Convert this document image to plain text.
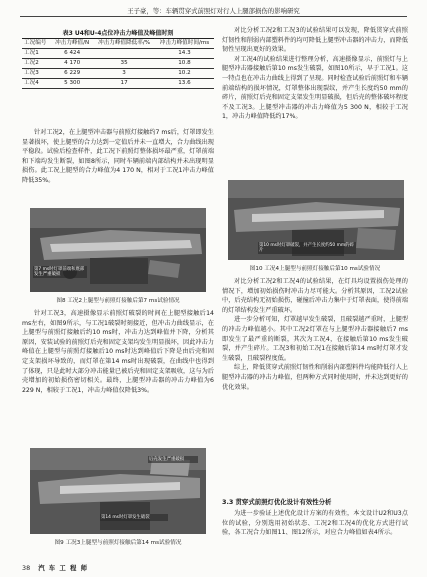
王子豪，等：车辆贯穿式前照灯对行人上腿部损伤的影响研究
表3 U4和U-4点位冲击力峰值及峰值时刻
工况编号	冲击力峰值/N	冲击力峰值降低率/%	冲击力峰值时间/ms
工况1	6 424		14.3
工况2	4 170	35	10.8
工况3	6 229	3	10.2
工况4	5 300	17	13.6

针对工况2，在上腿型冲击器与前照灯接触约7 ms后，灯罩即发生显著损坏，使上腿型的合力达到一定值后并未一直增大，合力曲线出现平稳段。试验后检查样件，此工况下前照灯整体损坏最严重，灯罩前端和下端均发生断裂，如图8所示，同时车辆前端内部结构并未出现明显损伤。此工况上腿型的合力峰值为4 170 N，相对于工况1冲击力峰值降低35%。

第7 ms时灯罩前端和底部发生严重破损
图8 工况2上腿型与前照灯接触后第7 ms试验情况

针对工况3，高速摄像显示前照灯破裂的时间在上腿型接触后14 ms左右，如图9所示，与工况1破裂时刻接近，但冲击力曲线显示，在上腿型与前照灯接触后约10 ms时，冲击力达到峰值并下降，分析其原因，安装试验的前照灯后壳和固定支架均发生明显损坏，因此冲击力峰值在上腿型与前照灯接触后10 ms时达到峰值后下降是由后壳和固定支架损坏导致的，而灯罩在第14 ms时出现破裂，在曲线中也得到了体现，只是此时大部分冲击能量已被后壳和固定支架吸收，这与为后壳增加的初始损伤密切相关。最终，上腿型冲击器的冲击力峰值为6 229 N，相较于工况1，冲击力峰值仅降低3%。

后壳发生严重破损
第14 ms时灯罩发生破裂
图9 工况3上腿型与前照灯接触后第14 ms试验情况

对比分析工况2和工况3的试验结果可以发现，降低贯穿式前照灯韧性和削弱内部塑料件的均可降低上腿型冲击器的冲击力，而降低韧性呈现出更好的效果。

对工况4的试验结果进行整理分析，高速摄像显示，前照灯与上腿型冲击器接触后第10 ms发生破裂，如图10所示，早于工况1。这一特点也在冲击力曲线上得到了呈现。同时检查试验后前照灯和车辆前端结构的损坏情况，灯罩整体出现裂纹，并产生长度约50 mm的碎片，前照灯后壳和固定支架发生明显破损，但后壳的整体破坏程度不及工况3。上腿型冲击器的冲击力峰值为5 300 N，相较于工况1，冲击力峰值降低约17%。

第10 ms时灯罩破裂，并产生长度约50 mm的碎片
图10 工况4上腿型与前照灯接触后第10 ms试验情况

对比分析工况2和工况4的试验结果，在灯具均设置损伤处理的情况下，增加初始损伤时冲击力尽可能大。分析其原因，工况2试验中，后壳结构无初始损伤，碰撞后冲击力集中于灯罩表面，使得前端的灯罩结构发生严重破坏。

进一步分析可知，灯罩越早发生破裂，且破裂越严重时，上腿型的冲击力峰值越小。其中工况2灯罩在与上腿型冲击器接触后7 ms即发生了最严重的断裂，其次为工况4，在接触后第10 ms发生破裂，并产生碎片。工况3和初始工况1在接触后第14 ms时灯罩才发生破裂，且破裂程度低。

综上，降低贯穿式前照灯韧性和削弱内部塑料件均能降低行人上腿型冲击器的冲击力峰值，但两种方式同时使用时，并未达到更好的优化效果。

3.3 贯穿式前照灯优化设计有效性分析

为进一步验证上述优化设计方案的有效性，本文设计U2和U3点位的试验，分别选用初始状态、工况2和工况4的优化方式进行试验，各工况合力如图11、图12所示，对应合力峰值如表4所示。

38 汽 车 工 程 师
